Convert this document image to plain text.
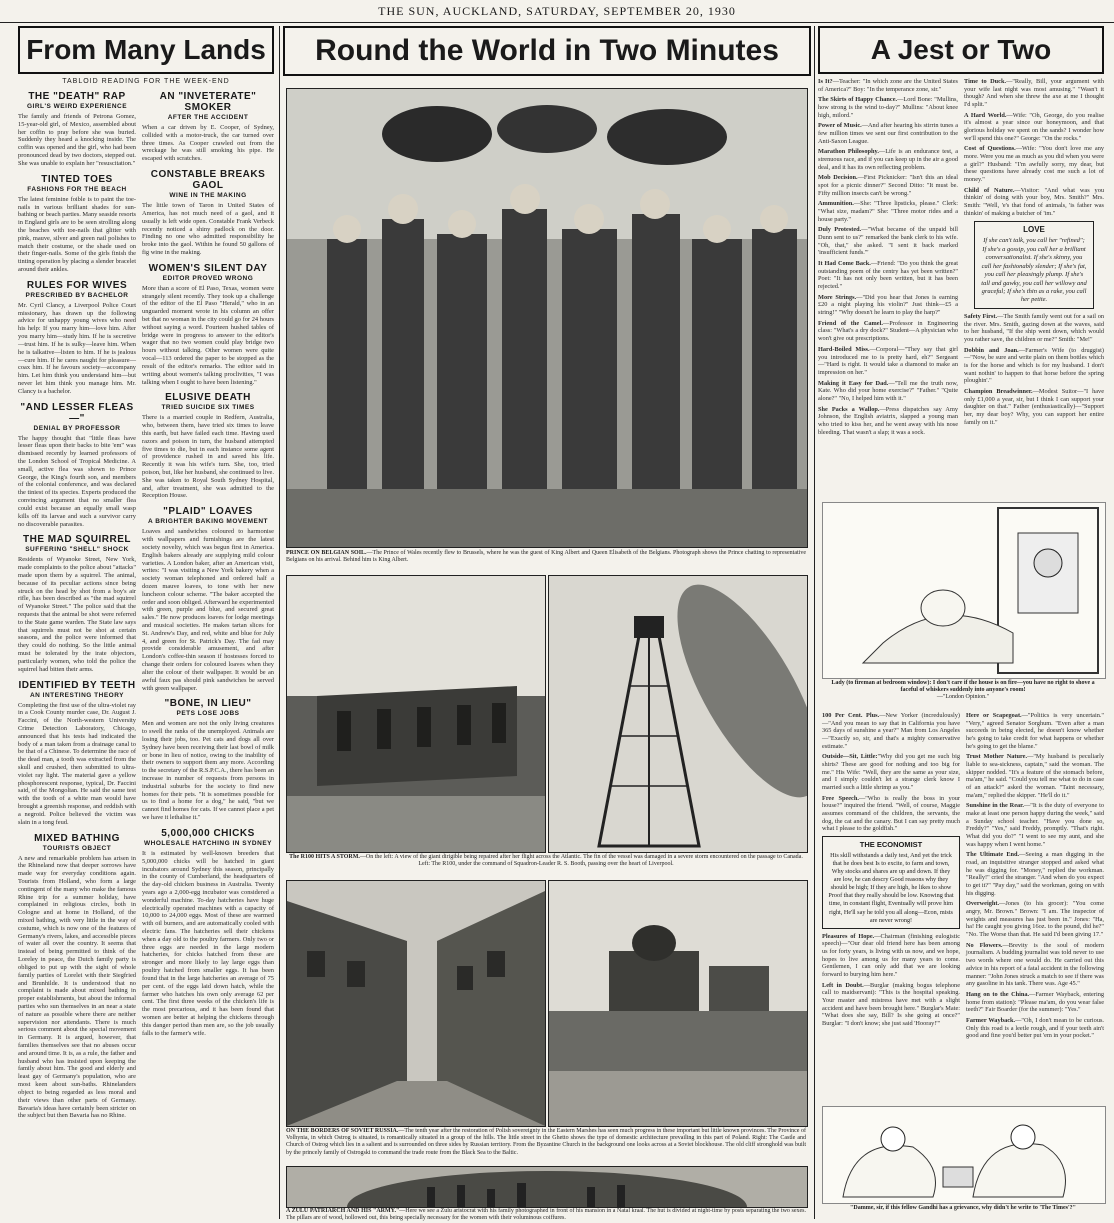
THE SUN, AUCKLAND, SATURDAY, SEPTEMBER 20, 1930
From Many Lands
TABLOID READING FOR THE WEEK-END
THE "DEATH" RAP
GIRL'S WEIRD EXPERIENCE

The family and friends of Petrona Gomez, 15-year-old girl, of Mexico, assembled about her coffin to pray before she was buried. Suddenly they heard a knocking inside. The coffin was opened and the girl, who had been pronounced dead by two doctors, stepped out. She was unable to explain her "resuscitation."

TINTED TOES
FASHIONS FOR THE BEACH

The latest feminine foible is to paint the toe-nails in various brilliant shades for sun-bathing or beach parties. Many seaside resorts in England girls are to be seen strolling along the beaches with toe-nails that glitter with pink, mauve, silver and green nail polishes to match their costume, or the shade used on their finger-nails. Some of the girls finish the tinting operation by placing a slender bracelet around their ankles.

RULES FOR WIVES
PRESCRIBED BY BACHELOR

Mr. Cyril Clancy, a Liverpool Police Court missionary, has drawn up the following advice for unhappy young wives who need his help: If you marry him—love him. After you marry him—study him. If he is secretive—trust him. If he is sulky—leave him. When he is talkative—listen to him. If he is jealous—cure him. If he cares naught for pleasure—coax him. If he favours society—accompany him. Let him think you understand him—but never let him think you manage him. Mr. Clancy is a bachelor.

"AND LESSER FLEAS—"
DENIAL BY PROFESSOR

The happy thought that "little fleas have lesser fleas upon their backs to bite 'em" was dismissed recently by learned professors of the London School of Tropical Medicine. A small, active flea was shown to Prince George, the King's fourth son, and members of the colonial conference, and was declared the tiniest of its species. Experts produced the convincing argument that no smaller flea could exist because an equally small wasp kills off its larvae and such a survivor carry no discoverable parasites.

THE MAD SQUIRREL
SUFFERING "SHELL" SHOCK

Residents of Wyanoke Street, New York, made complaints to the police about "attacks" made upon them by a squirrel. The animal, because of its peculiar actions since being struck on the head by shot from a boy's air rifle, has been described as "the mad squirrel of Wyanoke Street." The police said that the requests that the animal be shot were referred to the State game warden. The State law says that squirrels must not be shot at certain seasons, and the police were informed that they could do nothing. So the little animal must be tolerated by the irate objectors, particularly women, who told the police the squirrel had bitten their arms.

IDENTIFIED BY TEETH
AN INTERESTING THEORY

Completing the first use of the ultra-violet ray in a Cook County murder case, Dr. August J. Faccini, of the North-western University Crime Detection Laboratory, Chicago, announced that his tests had indicated the body of a man taken from a drainage canal to be that of a Chinese. To determine the race of the dead man, a tooth was extracted from the skull and crushed, then submitted to ultra-violet ray light. The material gave a yellow phosphorescent response, typical, Dr. Faccini said, of the Mongolian. He said the same test with the tooth of a white man would have brought a greenish response, and reddish with a negroid. Police believed the victim was slain in a tong feud.

MIXED BATHING
TOURISTS OBJECT

A new and remarkable problem has arisen in the Rhineland now that deeper sorrows have made way for everyday conditions again. Tourists from Holland, who form a large contingent of the many who make the famous Rhine trip for a summer holiday, have complained in religious circles, both in Cologne and at home in Holland, of the mixed bathing, with very little in the way of costume, which is now one of the features of Germany's rivers, lakes, and accessible pieces of water all over the country. It seems that instead of being permitted to think of the Loreley in peace, the Dutch family party is obliged to put up with the sight of whole family parties of Lorelei with their Siegfried and Brunhilde. It is understood that no complaint is made about mixed bathing in proper establishments, but about the informal parties who sun themselves in an near a state of nature as possible where there are neither supervision nor attendants. There is much serious comment about the special movement in Germany. It is argued, however, that families themselves see that no abuses occur and around time. It is, as a rule, the father and husband who has insisted upon keeping the family about him. The good and elderly and least gay of Germany's population, who are most keen about sun-baths. Rhinelanders object to being regarded as less moral and their views than other parts of Germany. Bavaria's ideas have certainly been stricter on the subject but then Bavaria has no Rhine.

AN "INVETERATE" SMOKER
AFTER THE ACCIDENT

When a car driven by E. Cooper, of Sydney, collided with a motor-truck, the car turned over three times. As Cooper crawled out from the wreckage he was still smoking his pipe. He escaped with scratches.

CONSTABLE BREAKS GAOL
WINE IN THE MAKING

The little town of Taron in United States of America, has not much need of a gaol, and it usually is left wide open. Constable Frank Verbeck recently noticed a shiny padlock on the door. Finding no one who admitted responsibility he broke into the gaol. Within he found 50 gallons of fig wine in the making.

WOMEN'S SILENT DAY
EDITOR PROVED WRONG

More than a score of El Paso, Texas, women were strangely silent recently. They took up a challenge of the editor of the El Paso "Herald," who in an unguarded moment wrote in his column an offer bet that no woman in the city could go for 24 hours without saying a word. Fourteen hushed tables of bridge were in progress to answer to the editor's wager that no two women could play bridge two hours without talking. Other women were quite vocal—113 ordered the paper to be stopped as the result of the editor's remarks. The editor said in writing about women's talking proclivities, "I was talking when I ought to have been listening."

ELUSIVE DEATH
TRIED SUICIDE SIX TIMES

There is a married couple in Redfern, Australia, who, between them, have tried six times to leave this earth, but have failed each time. Having used razors and poison in turn, the husband attempted five times to die, but in each instance some agent of providence rushed in and saved his life. Recently it was his wife's turn. She, too, tried poison, but, like her husband, she continued to live. She was taken to Royal South Sydney Hospital, and, after treatment, she was admitted to the Reception House.

"PLAID" LOAVES
A BRIGHTER BAKING MOVEMENT

Loaves and sandwiches coloured to harmonise with wallpapers and furnishings are the latest society novelty, which was begun first in America. English bakers already are supplying mild colour varieties. A London baker, after an American visit, writes: "I was visiting a New York bakery when a society woman telephoned and ordered half a dozen mauve loaves, to tone with her new luncheon colour scheme. "The baker accepted the order and soon obliged. Afterward he experimented with green, purple and blue, and secured great sales." He now produces loaves for lodge meetings and musical societies. He makes tartan slices for St. Andrew's Day, and red, white and blue for July 4, and green for St. Patrick's Day. The fad may provide considerable amusement, and after London's coffee-thin season if hostesses forced to change their orders for coloured loaves when they alter the colour of their wallpaper. It would be an awful faux pas should pink sandwiches be served with green wallpaper.

"BONE, IN LIEU"
PETS LOSE JOBS

Men and women are not the only living creatures to swell the ranks of the unemployed. Animals are losing their jobs, too. Pet cats and dogs all over Sydney have been receiving their last bowl of milk or bone in lieu of notice, owing to the inability of their owners to support them any more. According to the secretary of the R.S.P.C.A., there has been an increase in number of requests from persons in industrial suburbs for the society to find new homes for their pets. "It is sometimes possible for us to find a home for a dog," he said, "but we cannot find homes for cats. If we cannot place a pet we have it lethalise it."

5,000,000 CHICKS
WHOLESALE HATCHING IN SYDNEY

It is estimated by well-known breeders that 5,000,000 chicks will be hatched in giant incubators around Sydney this season, principally in the county of Cumberland, the headquarters of the day-old chicken business in Australia. Twenty years ago a 2,000-egg incubator was considered a wonderful machine. To-day hatcheries have huge electrically operated machines with a capacity of 10,000 to 24,000 eggs. Most of these are warmed with oil burners, and are automatically cooled with electric fans. The hatcheries sell their chickens when a day old to the poultry farmers. Only two or three eggs are needed in the large modern hatcheries, for chicks hatched from these are stronger and more likely to lay large eggs than poultry hatched from smaller eggs. It has been found that in the large hatcheries an average of 75 per cent. of the eggs laid down hatch, while the farmer who hatches his own only average 62 per cent. The first three weeks of the chicken's life is the most precarious, and it has been found that women are better at helping the chickens through this danger period than men are, so the job usually falls to the farmer's wife.

Round the World in Two Minutes
PRINCE ON BELGIAN SOIL.—The Prince of Wales recently flew to Brussels, where he was the guest of King Albert and Queen Elisabeth of the Belgians. Photograph shows the Prince chatting to representative Belgians on his arrival. Behind him is King Albert.
The R100 HITS A STORM.—On the left: A view of the giant dirigible being repaired after her flight across the Atlantic. The fin of the vessel was damaged in a severe storm encountered on the passage to Canada. Left: The R100, under the command of Squadron-Leader R. S. Booth, passing over the heart of Liverpool.
ON THE BORDERS OF SOVIET RUSSIA.—The tenth year after the restoration of Polish sovereignty in the Eastern Marshes has seen much progress in these important but little known provinces. The Province of Volhynia, in which Ostrog is situated, is romantically situated in a group of the hills. The little street in the Ghetto shows the type of domestic architecture prevailing in this part of Poland. Right: The Castle and Church of Ostrog which lies in a salient and is surrounded on three sides by Russian territory. From the Byzantine Church in the background one looks across at a Soviet blockhouse. The old cliff stronghold was built by the princely family of Ostrogski to command the trade route from the Black Sea to the Baltic.
A ZULU PATRIARCH AND HIS "ARMY."—Here we see a Zulu aristocrat with his family photographed in front of his mansion in a Natal kraal. The hut is divided at night-time by posts separating the two sexes. The pillars are of wood, hollowed out, this being specially necessary for the women with their voluminous coiffures.
A Jest or Two

Is It?—Teacher: "In which zone are the United States of America?" Boy: "In the temperance zone, sir."

The Skirts of Happy Chance.—Lord Bone: "Mullins, how strong is the wind to-day?" Mullins: "About knee high, milord."

Power of Music.—And after hearing his stirrin tunes a few million times we sent our first contribution to the Anti-Saxon League.

Marathon Philosophy.—Life is an endurance test, a strenuous race, and if you can keep up in the air a good deal, and it has its own reflecting problem.

Mob Decision.—First Picknicker: "Isn't this an ideal spot for a picnic dinner?" Second Ditto: "It must be. Fifty million insects can't be wrong."

Ammunition.—She: "Three lipsticks, please." Clerk: "What size, madam?" She: "Three motor rides and a house party."

Duly Protested.—"What became of the unpaid bill Dunn sent to us?" remarked the bank clerk to his wife. "Oh, that," she asked. "I sent it back marked 'insufficient funds.'"

It Had Come Back.—Friend: "Do you think the great outstanding poem of the centry has yet been written?" Poet: "It has not only been written, but it has been rejected."

More Strings.—"Did you hear that Jones is earning £20 a night playing his violin?" Just think—£5 a string!" "Why doesn't he learn to play the harp?"

Friend of the Camel.—Professor in Engineering class: "What's a dry dock?" Student—A physician who won't give out prescriptions.

Hard-Boiled Miss.—Corporal—"They say that girl you introduced me to is pretty hard, eh?" Sergeant—"Hard is right. It would take a diamond to make an impression on her."

Making it Easy for Dad.—"Tell me the truth now, Kate. Who did your home exercise?" "Father." "Quite alone?" "No, I helped him with it."

She Packs a Wallop.—Press dispatches say Amy Johnson, the English aviatrix, slapped a young man who tried to kiss her, and he went away with his nose bleeding. That wasn't a slap; it was a sock.

Time to Duck.—"Really, Bill, your argument with your wife last night was most amusing." "Wasn't it though? And when she threw the axe at me I thought I'd split."

A Hard World.—Wife: "Oh, George, do you realise it's almost a year since our honeymoon, and that glorious holiday we spent on the sands? I wonder how we'll spend this one?" George: "On the rocks."

Cost of Questions.—Wife: "You don't love me any more. Were you me as much as you did when you were a girl?" Husband: "I'm awfully sorry, my dear, but these questions have already cost me such a lot of money."

Child of Nature.—Visitor: "And what was you thinkin' of doing with your boy, Mrs. Smith?" Mrs. Smith: "Well, 'e's that fond of animals, 'is father was thinkin' of making a butcher of 'im."

LOVE

If she can't talk, you call her "refined"; If she's a gossip, you call her a brilliant conversationalist. If she's skinny, you call her fashionably slender; If she's fat, you call her pleasingly plump. If she's tall and gawky, you call her willowy and graceful; If she's thin as a rake, you call her petite.

Safety First.—The Smith family went out for a sail on the river. Mrs. Smith, gazing down at the waves, said to her husband, "If the ship went down, which would you rather save, the children or me?" Smith: "Me!"

Dobbin and Joan.—Farmer's Wife (to druggist)—"Now, be sure and write plain on them bottles which is for the horse and which is for my husband. I don't want nothin' to happen to that horse before the spring ploughin'."

Champion Breadwinner.—Modest Suitor—"I have only £1,000 a year, sir, but I think I can support your daughter on that." Father (enthusiastically)—"Support her, my dear boy? Why, you can support her entire family on it."

Lady (to fireman at bedroom window): I don't care if the house is on fire—you have no right to shove a faceful of whiskers suddenly into anyone's room!
—"London Opinion."

100 Per Cent. Plus.—New Yorker (incredulously)—"And you mean to say that in California you have 365 days of sunshine a year?" Man from Los Angeles—"Exactly so, sir, and that's a mighty conservative estimate."

Outside—Sit, Little:"Why did you get me such big shirts? These are good for nothing and too big for me." His Wife: "Well, they are the same as your size, and I simply couldn't let a strange clerk know I married such a little shrimp as you."

Free Speech.—"Who is really the boss in your house?" inquired the friend. "Well, of course, Maggie assumes command of the children, the servants, the dog, the cat and the canary. But I can say pretty much what I please to the goldfish."

THE ECONOMIST

His skill withstands a daily test, And yet the trick that he does best Is to excite, to farm and town, Why stocks and shares are up and down. If they are low, he can descry Good reasons why they should be high; If they are high, he likes to show Proof that they really should be low. Knowing that time, in constant flight, Eventually will prove him right, He'll say he told you all along—Econ, mists are never wrong!

Pleasures of Hope.—Chairman (finishing eulogistic speech)—"Our dear old friend here has been among us for forty years, is living with us now, and we hope, hopes to live among us for many years to come. Gentlemen, I can only add that we are looking forward to burying him here."

Left in Doubt.—Burglar (making bogus telephone call to maidservant): "This is the hospital speaking. Your master and mistress have met with a slight accident and have been brought here." Burglar's Mate: "What does she say, Bill? Is she going at once?" Burglar: "I don't know; she just said 'Hooray!'"

Here or Scapegoat.—"Politics is very uncertain." "Very," agreed Senator Sorghum. "Even after a man succeeds in being elected, he doesn't know whether he's going to take credit for what happens or whether he's going to get the blame."

Trust Mother Nature.—"My husband is peculiarly liable to sea-sickness, captain," said the woman. The skipper nodded. "It's a feature of the stomach before, ma'am," he said. "Could you tell me what to do in case of an attack?" asked the woman. "Taint necessary, ma'am," replied the skipper. "He'll do it."

Sunshine in the Rear.—"It is the duty of everyone to make at least one person happy during the week," said a Sunday school teacher. "Have you done so, Freddy?" "Yes," said Freddy, promptly. "That's right. What did you do?" "I went to see my aunt, and she was happy when I went home."

The Ultimate End.—Seeing a man digging in the road, an inquisitive stranger stopped and asked what he was digging for. "Money," replied the workman. "Really!" cried the stranger. "And when do you expect to get it?" "Pay day," said the workman, going on with his digging.

Overweight.—Jones (to his grocer): "You come angry, Mr. Brown." Brown: "I am. The inspector of weights and measures has just been in." Jones: "Ha, ha! He caught you giving 16oz. to the pound, did he?" "No. The Worse than that. He said I'd been giving 17."

No Flowers.—Brevity is the soul of modern journalism. A budding journalist was told never to use two words where one would do. He carried out this advice in his report of a fatal accident in the following manner: "John Jones struck a match to see if there was any gasoline in his tank. There was. Age 45."

Hang on to the China.—Farmer Wayback, entering home from station): "Please ma'am, do you wear false teeth?" Fair Boarder (for the summer): "Yes."

Farmer Wayback.—"Oh, I don't mean to be curious. Only this road is a leetle rough, and if your teeth ain't good and fine you'd better put 'em in your pocket."

"Damme, sir, if this fellow Gandhi has a grievance, why didn't he write to 'The Times'?"
